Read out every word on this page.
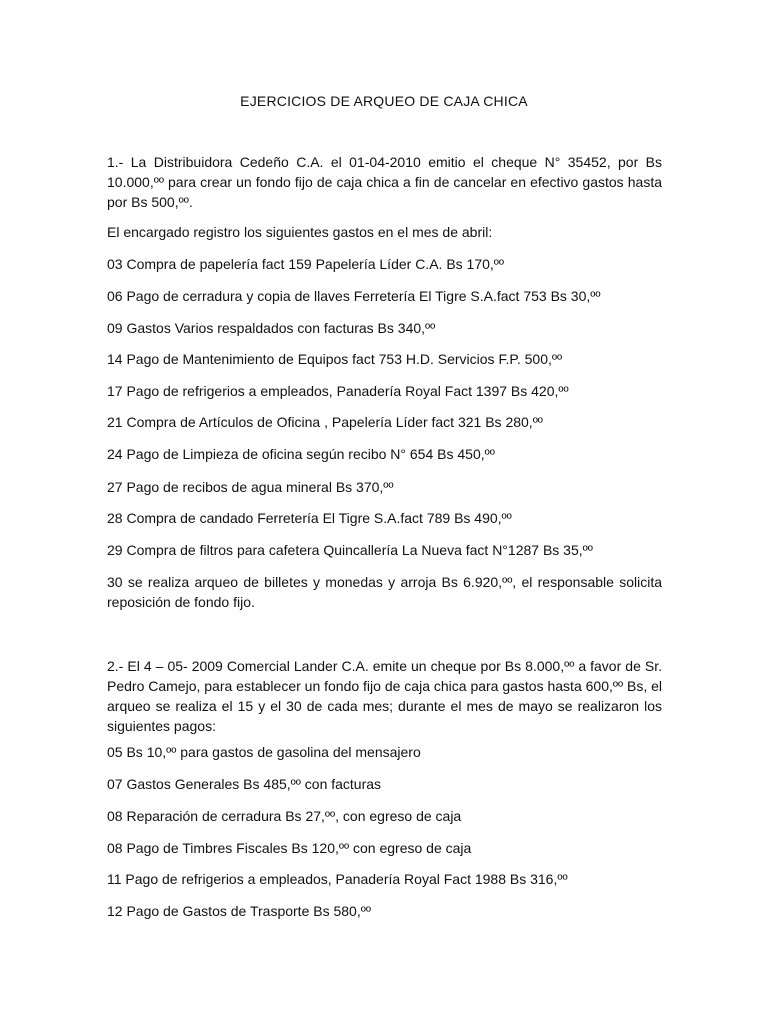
EJERCICIOS DE ARQUEO DE CAJA CHICA

1.- La Distribuidora Cedeño C.A. el 01-04-2010 emitio el cheque N° 35452, por Bs 10.000,ºº para crear un fondo fijo de caja chica a fin de cancelar en efectivo gastos hasta por Bs 500,ºº.

El encargado registro los siguientes gastos en el mes de abril:

03 Compra de papelería fact 159 Papelería Líder C.A. Bs 170,ºº

06 Pago de cerradura y copia de llaves Ferretería El Tigre S.A.fact 753 Bs 30,ºº

09 Gastos Varios respaldados con facturas Bs 340,ºº

14 Pago de Mantenimiento de Equipos fact 753 H.D. Servicios F.P. 500,ºº

17 Pago de refrigerios a empleados, Panadería Royal Fact 1397 Bs 420,ºº

21 Compra de Artículos de Oficina , Papelería Líder fact 321 Bs 280,ºº

24 Pago de Limpieza de oficina según recibo N° 654 Bs 450,ºº

27 Pago de recibos de agua mineral Bs 370,ºº

28 Compra de candado Ferretería El Tigre S.A.fact 789 Bs 490,ºº

29 Compra de filtros para cafetera Quincallería La Nueva fact N°1287 Bs 35,ºº

30 se realiza arqueo de billetes y monedas y arroja Bs 6.920,ºº, el responsable solicita reposición de fondo fijo.

2.- El 4 – 05- 2009 Comercial Lander C.A. emite un cheque por Bs 8.000,ºº a favor de Sr. Pedro Camejo, para establecer un fondo fijo de caja chica para gastos hasta 600,ºº Bs, el arqueo se realiza el 15 y el 30 de cada mes; durante el mes de mayo se realizaron los siguientes pagos:

05 Bs 10,ºº para gastos de gasolina del mensajero

07 Gastos Generales Bs 485,ºº con facturas

08 Reparación de cerradura Bs 27,ºº, con egreso de caja

08 Pago de Timbres Fiscales Bs 120,ºº con egreso de caja

11 Pago de refrigerios a empleados, Panadería Royal Fact 1988 Bs 316,ºº

12 Pago de Gastos de Trasporte Bs 580,ºº
